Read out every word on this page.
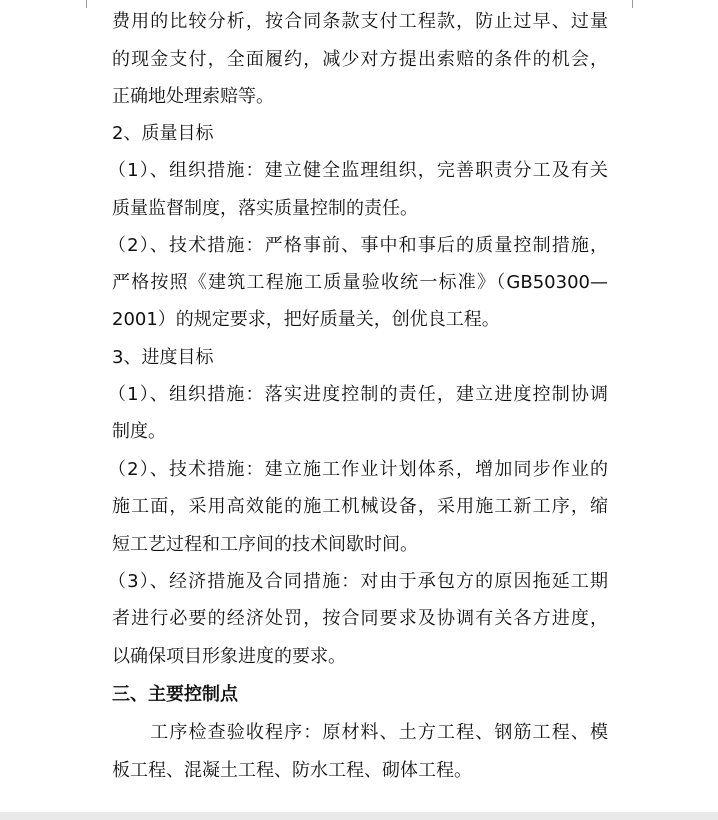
费用的比较分析，按合同条款支付工程款，防止过早、过量
的现金支付，全面履约，减少对方提出索赔的条件的机会，
正确地处理索赔等。
2、质量目标
（1）、组织措施：建立健全监理组织，完善职责分工及有关
质量监督制度，落实质量控制的责任。
（2）、技术措施：严格事前、事中和事后的质量控制措施，
严格按照《建筑工程施工质量验收统一标准》（GB50300—
2001）的规定要求，把好质量关，创优良工程。
3、进度目标
（1）、组织措施：落实进度控制的责任，建立进度控制协调
制度。
（2）、技术措施：建立施工作业计划体系，增加同步作业的
施工面，采用高效能的施工机械设备，采用施工新工序，缩
短工艺过程和工序间的技术间歇时间。
（3）、经济措施及合同措施：对由于承包方的原因拖延工期
者进行必要的经济处罚，按合同要求及协调有关各方进度，
以确保项目形象进度的要求。
三、主要控制点
　　工序检查验收程序：原材料、土方工程、钢筋工程、模
板工程、混凝土工程、防水工程、砌体工程。
